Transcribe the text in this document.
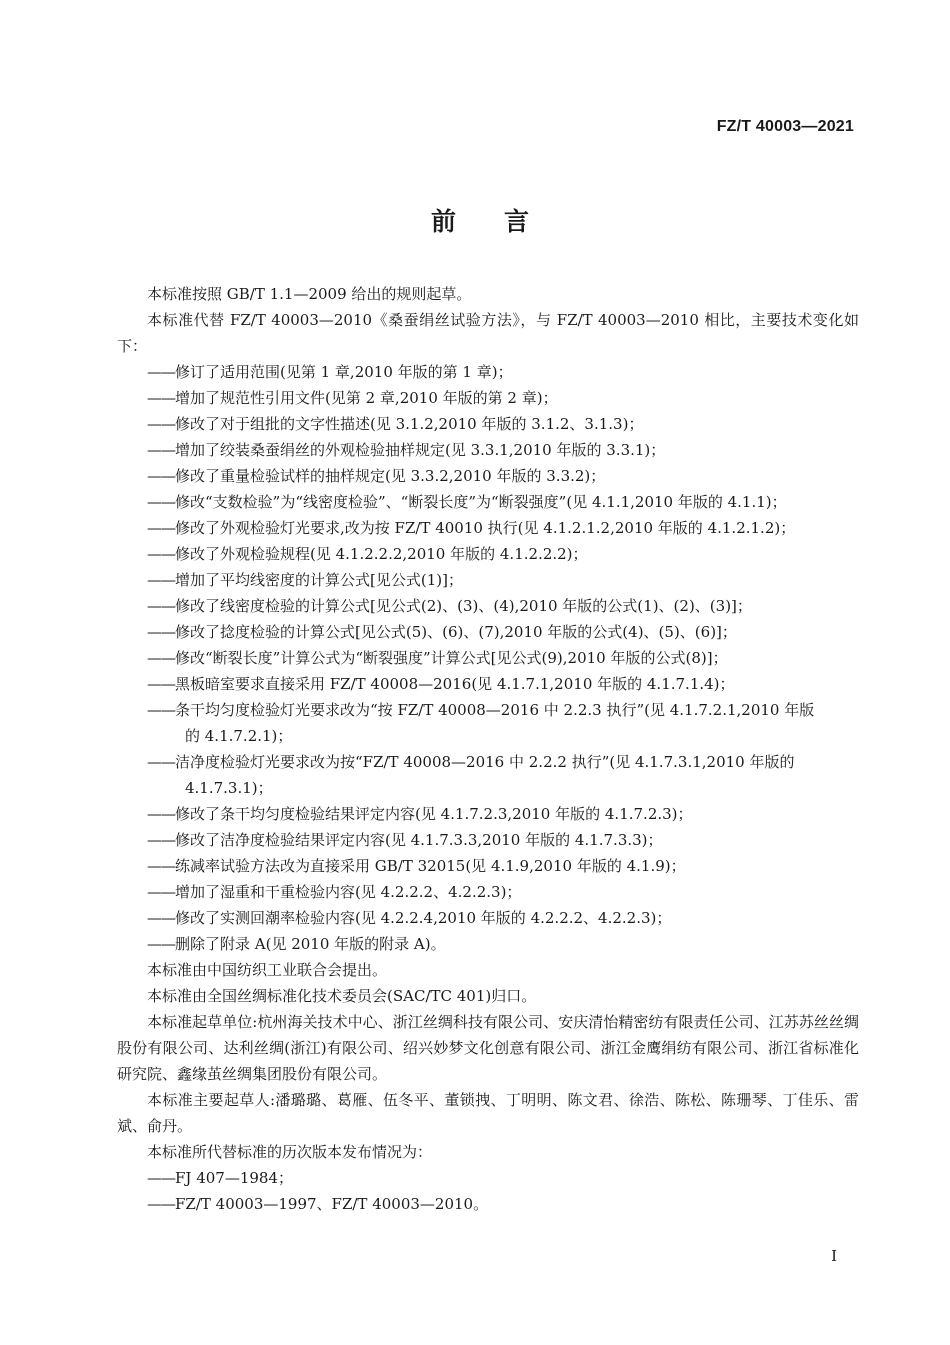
FZ/T 40003—2021
前言

本标准按照 GB/T 1.1—2009 给出的规则起草。

本标准代替 FZ/T 40003—2010《桑蚕绢丝试验方法》，与 FZ/T 40003—2010 相比，主要技术变化如下：

——修订了适用范围(见第 1 章,2010 年版的第 1 章)；

——增加了规范性引用文件(见第 2 章,2010 年版的第 2 章)；

——修改了对于组批的文字性描述(见 3.1.2,2010 年版的 3.1.2、3.1.3)；

——增加了绞装桑蚕绢丝的外观检验抽样规定(见 3.3.1,2010 年版的 3.3.1)；

——修改了重量检验试样的抽样规定(见 3.3.2,2010 年版的 3.3.2)；

——修改“支数检验”为“线密度检验”、“断裂长度”为“断裂强度”(见 4.1.1,2010 年版的 4.1.1)；

——修改了外观检验灯光要求,改为按 FZ/T 40010 执行(见 4.1.2.1.2,2010 年版的 4.1.2.1.2)；

——修改了外观检验规程(见 4.1.2.2.2,2010 年版的 4.1.2.2.2)；

——增加了平均线密度的计算公式[见公式(1)]；

——修改了线密度检验的计算公式[见公式(2)、(3)、(4),2010 年版的公式(1)、(2)、(3)]；

——修改了捻度检验的计算公式[见公式(5)、(6)、(7),2010 年版的公式(4)、(5)、(6)]；

——修改“断裂长度”计算公式为“断裂强度”计算公式[见公式(9),2010 年版的公式(8)]；

——黑板暗室要求直接采用 FZ/T 40008—2016(见 4.1.7.1,2010 年版的 4.1.7.1.4)；

——条干均匀度检验灯光要求改为“按 FZ/T 40008—2016 中 2.2.3 执行”(见 4.1.7.2.1,2010 年版
的 4.1.7.2.1)；

——洁净度检验灯光要求改为按“FZ/T 40008—2016 中 2.2.2 执行”(见 4.1.7.3.1,2010 年版的
4.1.7.3.1)；

——修改了条干均匀度检验结果评定内容(见 4.1.7.2.3,2010 年版的 4.1.7.2.3)；

——修改了洁净度检验结果评定内容(见 4.1.7.3.3,2010 年版的 4.1.7.3.3)；

——练减率试验方法改为直接采用 GB/T 32015(见 4.1.9,2010 年版的 4.1.9)；

——增加了湿重和干重检验内容(见 4.2.2.2、4.2.2.3)；

——修改了实测回潮率检验内容(见 4.2.2.4,2010 年版的 4.2.2.2、4.2.2.3)；

——删除了附录 A(见 2010 年版的附录 A)。

本标准由中国纺织工业联合会提出。

本标准由全国丝绸标准化技术委员会(SAC/TC 401)归口。

本标准起草单位:杭州海关技术中心、浙江丝绸科技有限公司、安庆清怡精密纺有限责任公司、江苏苏丝丝绸股份有限公司、达利丝绸(浙江)有限公司、绍兴妙梦文化创意有限公司、浙江金鹰绢纺有限公司、浙江省标准化研究院、鑫缘茧丝绸集团股份有限公司。

本标准主要起草人:潘璐璐、葛雁、伍冬平、董锁拽、丁明明、陈文君、徐浩、陈松、陈珊琴、丁佳乐、雷斌、俞丹。

本标准所代替标准的历次版本发布情况为：

——FJ 407—1984；

——FZ/T 40003—1997、FZ/T 40003—2010。

I
